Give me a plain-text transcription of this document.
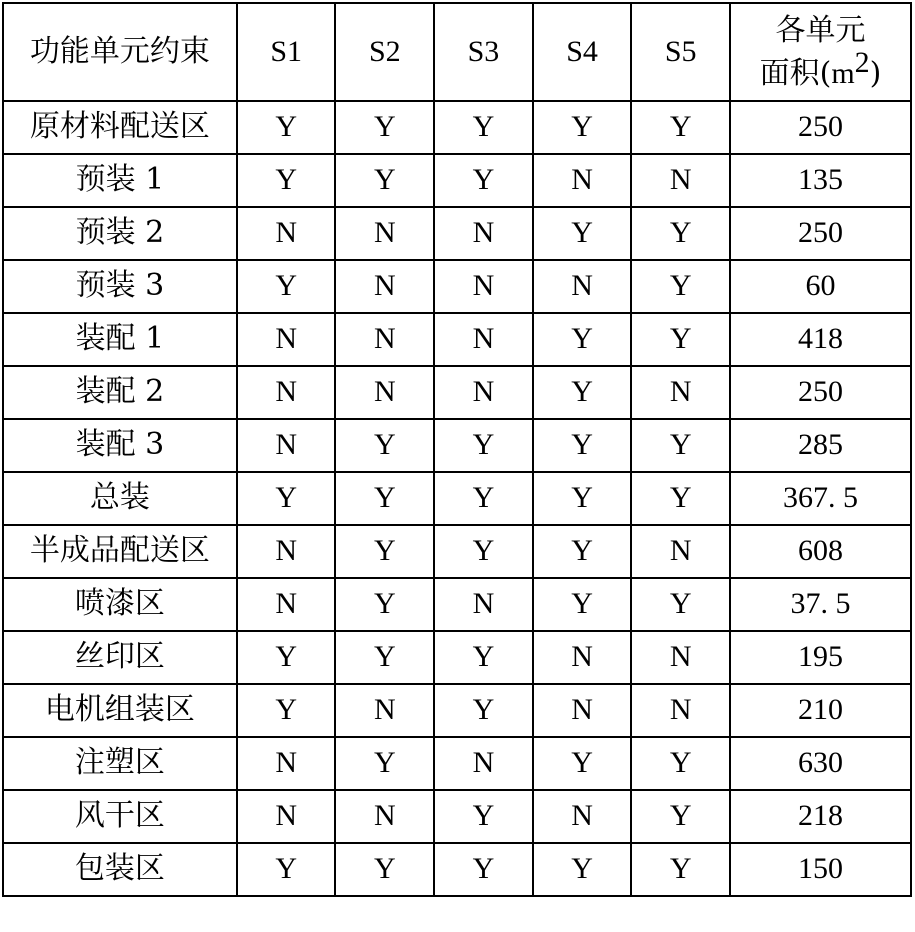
功能单元约束	S1	S2	S3	S4	S5	各单元
面积$(m^2)$

原材料配送区	Y	Y	Y	Y	Y	250
预装 1	Y	Y	Y	N	N	135
预装 2	N	N	N	Y	Y	250
预装 3	Y	N	N	N	Y	60
装配 1	N	N	N	Y	Y	418
装配 2	N	N	N	Y	N	250
装配 3	N	Y	Y	Y	Y	285
总装	Y	Y	Y	Y	Y	367. 5
半成品配送区	N	Y	Y	Y	N	608
喷漆区	N	Y	N	Y	Y	37. 5
丝印区	Y	Y	Y	N	N	195
电机组装区	Y	N	Y	N	N	210
注塑区	N	Y	N	Y	Y	630
风干区	N	N	Y	N	Y	218
包装区	Y	Y	Y	Y	Y	150
